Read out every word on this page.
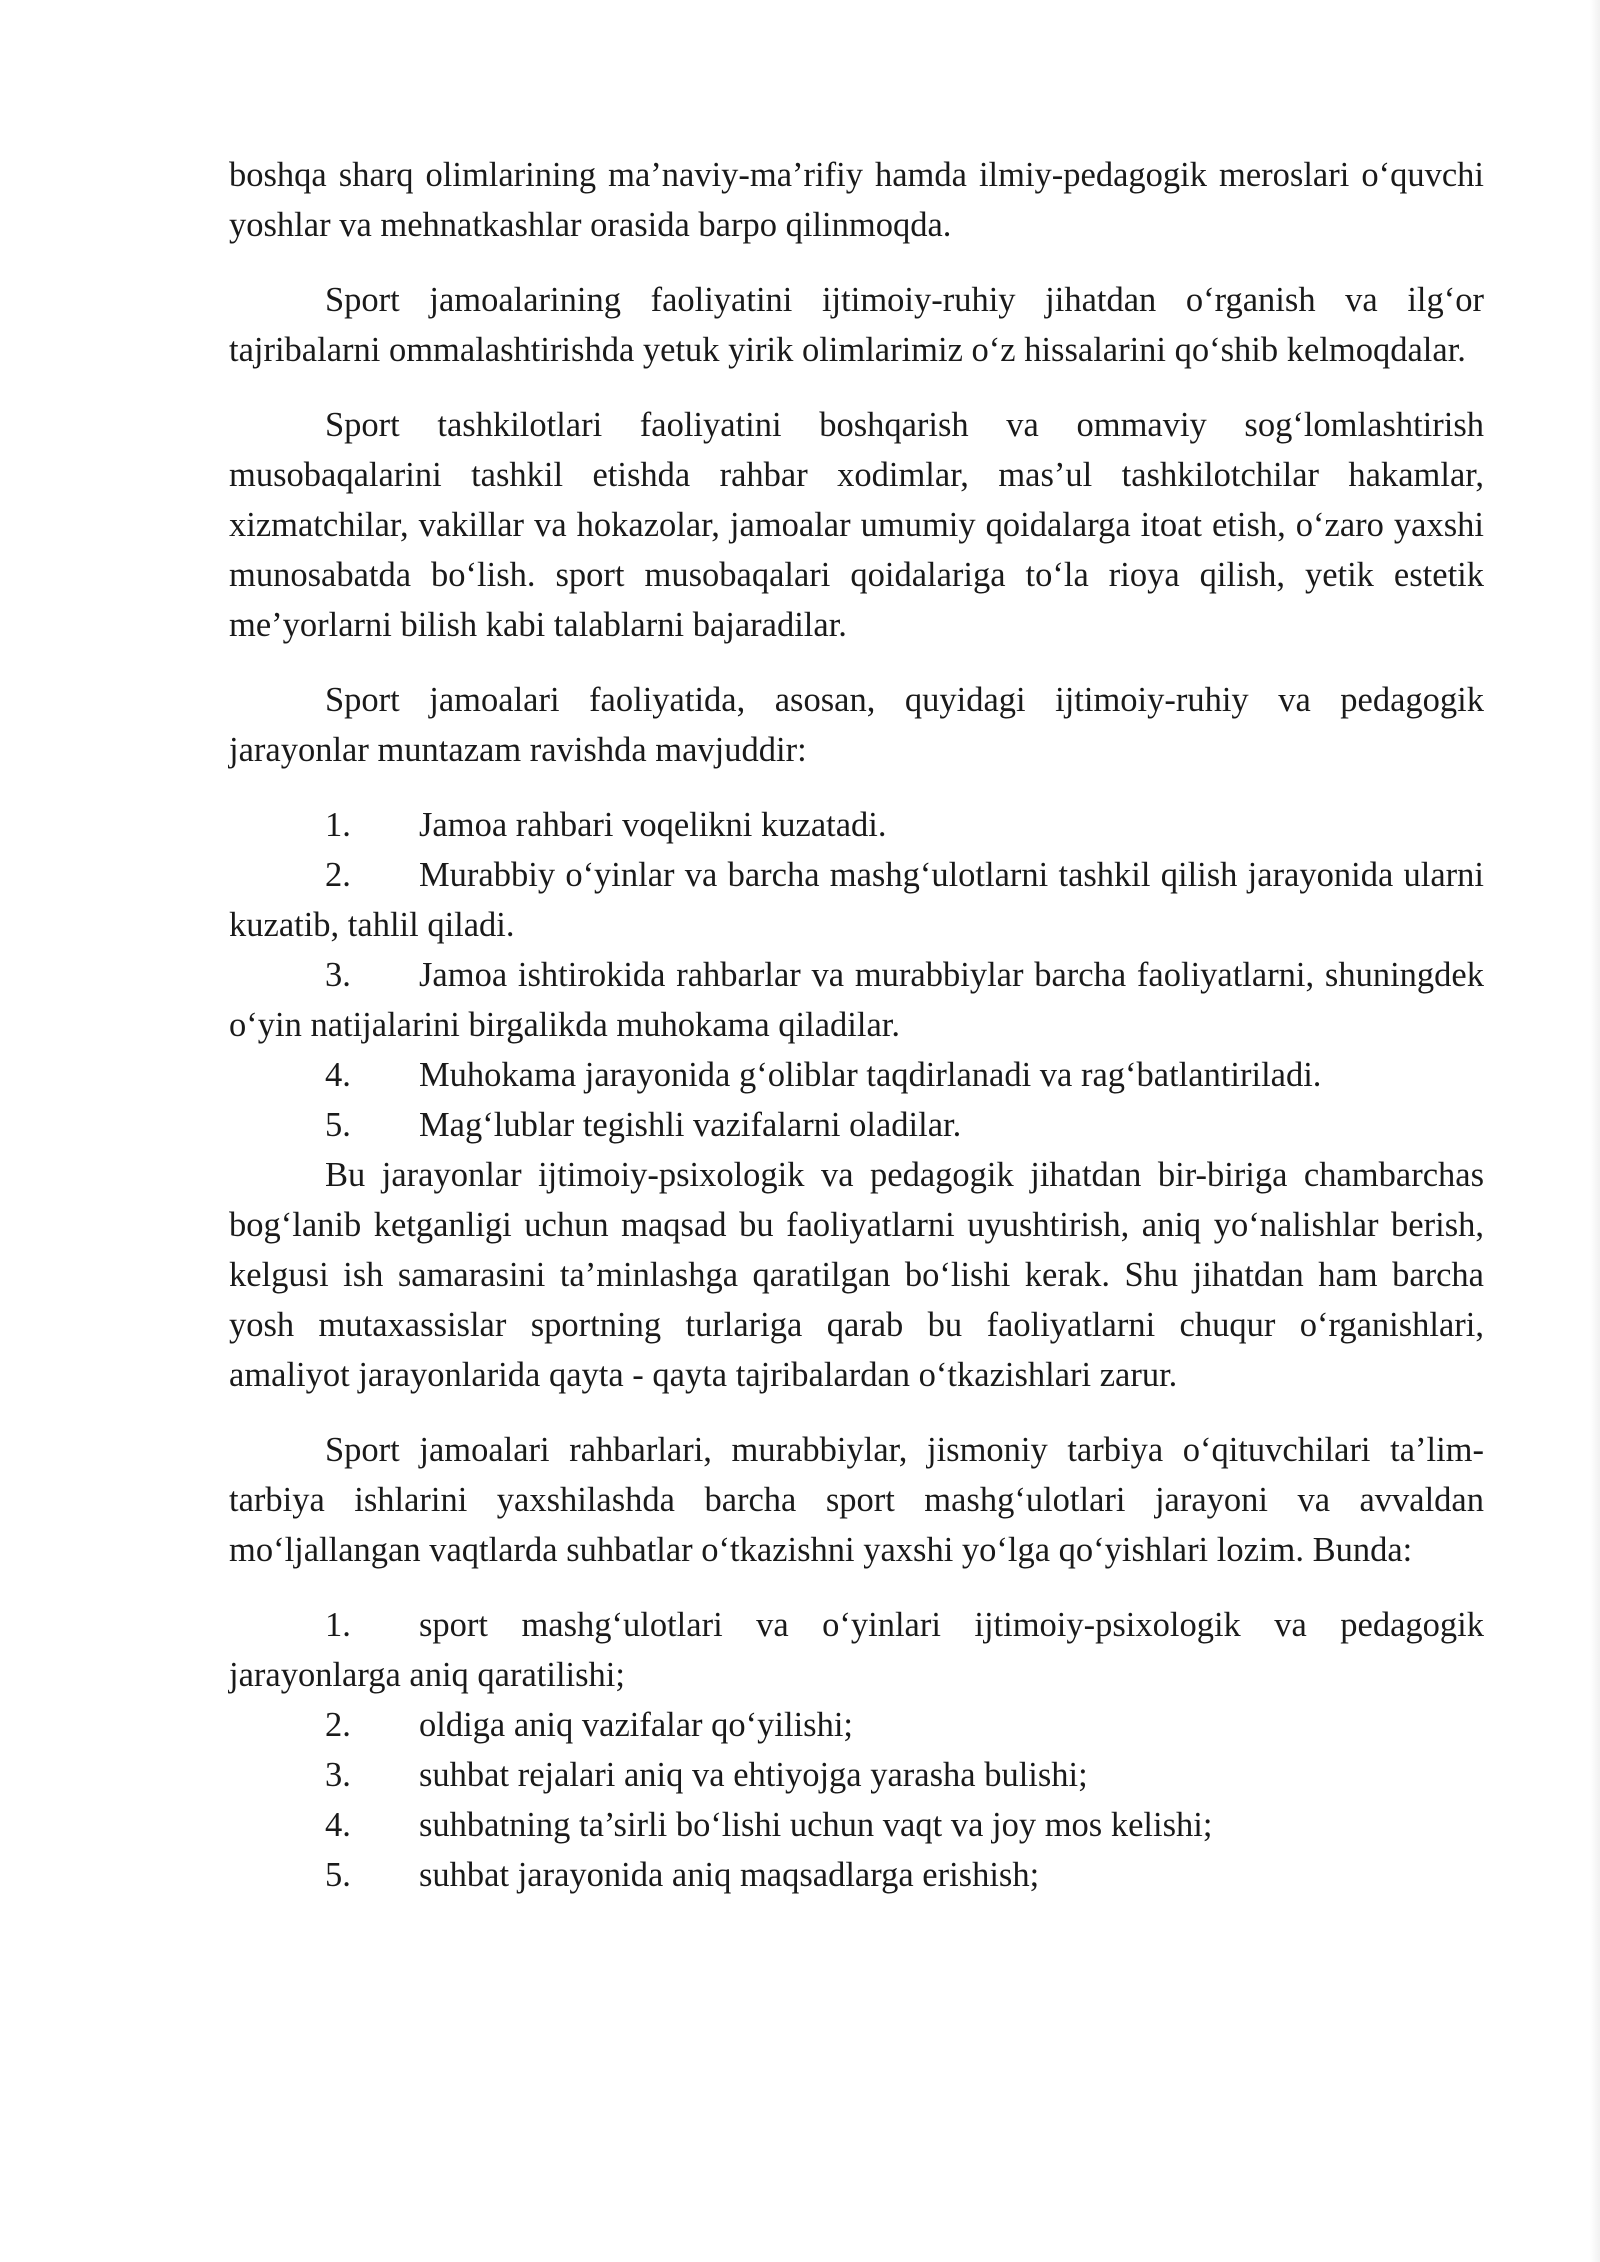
boshqa sharq olimlarining ma’naviy-ma’rifiy hamda ilmiy-pedagogik meroslari o‘quvchi yoshlar va mehnatkashlar orasida barpo qilinmoqda.

Sport jamoalarining faoliyatini ijtimoiy-ruhiy jihatdan o‘rganish va ilg‘or tajribalarni ommalashtirishda yetuk yirik olimlarimiz o‘z hissalarini qo‘shib kelmoqdalar.

Sport tashkilotlari faoliyatini boshqarish va ommaviy sog‘lomlashtirish musobaqalarini tashkil etishda rahbar xodimlar, mas’ul tashkilotchilar hakamlar, xizmatchilar, vakillar va hokazolar, jamoalar umumiy qoidalarga itoat etish, o‘zaro yaxshi munosabatda bo‘lish. sport musobaqalari qoidalariga to‘la rioya qilish, yetik estetik me’yorlarni bilish kabi talablarni bajaradilar.

Sport jamoalari faoliyatida, asosan, quyidagi ijtimoiy-ruhiy va pedagogik jarayonlar muntazam ravishda mavjuddir:

1. Jamoa rahbari voqelikni kuzatadi.
2. Murabbiy o‘yinlar va barcha mashg‘ulotlarni tashkil qilish jarayonida ularni kuzatib, tahlil qiladi.
3. Jamoa ishtirokida rahbarlar va murabbiylar barcha faoliyatlarni, shuningdek o‘yin natijalarini birgalikda muhokama qiladilar.
4. Muhokama jarayonida g‘oliblar taqdirlanadi va rag‘batlantiriladi.
5. Mag‘lublar tegishli vazifalarni oladilar.

Bu jarayonlar ijtimoiy-psixologik va pedagogik jihatdan bir-biriga chambarchas bog‘lanib ketganligi uchun maqsad bu faoliyatlarni uyushtirish, aniq yo‘nalishlar berish, kelgusi ish samarasini ta’minlashga qaratilgan bo‘lishi kerak. Shu jihatdan ham barcha yosh mutaxassislar sportning turlariga qarab bu faoliyatlarni chuqur o‘rganishlari, amaliyot jarayonlarida qayta - qayta tajribalardan o‘tkazishlari zarur.

Sport jamoalari rahbarlari, murabbiylar, jismoniy tarbiya o‘qituvchilari ta’lim-tarbiya ishlarini yaxshilashda barcha sport mashg‘ulotlari jarayoni va avvaldan mo‘ljallangan vaqtlarda suhbatlar o‘tkazishni yaxshi yo‘lga qo‘yishlari lozim. Bunda:

1. sport mashg‘ulotlari va o‘yinlari ijtimoiy-psixologik va pedagogik jarayonlarga aniq qaratilishi;
2. oldiga aniq vazifalar qo‘yilishi;
3. suhbat rejalari aniq va ehtiyojga yarasha bulishi;
4. suhbatning ta’sirli bo‘lishi uchun vaqt va joy mos kelishi;
5. suhbat jarayonida aniq maqsadlarga erishish;
